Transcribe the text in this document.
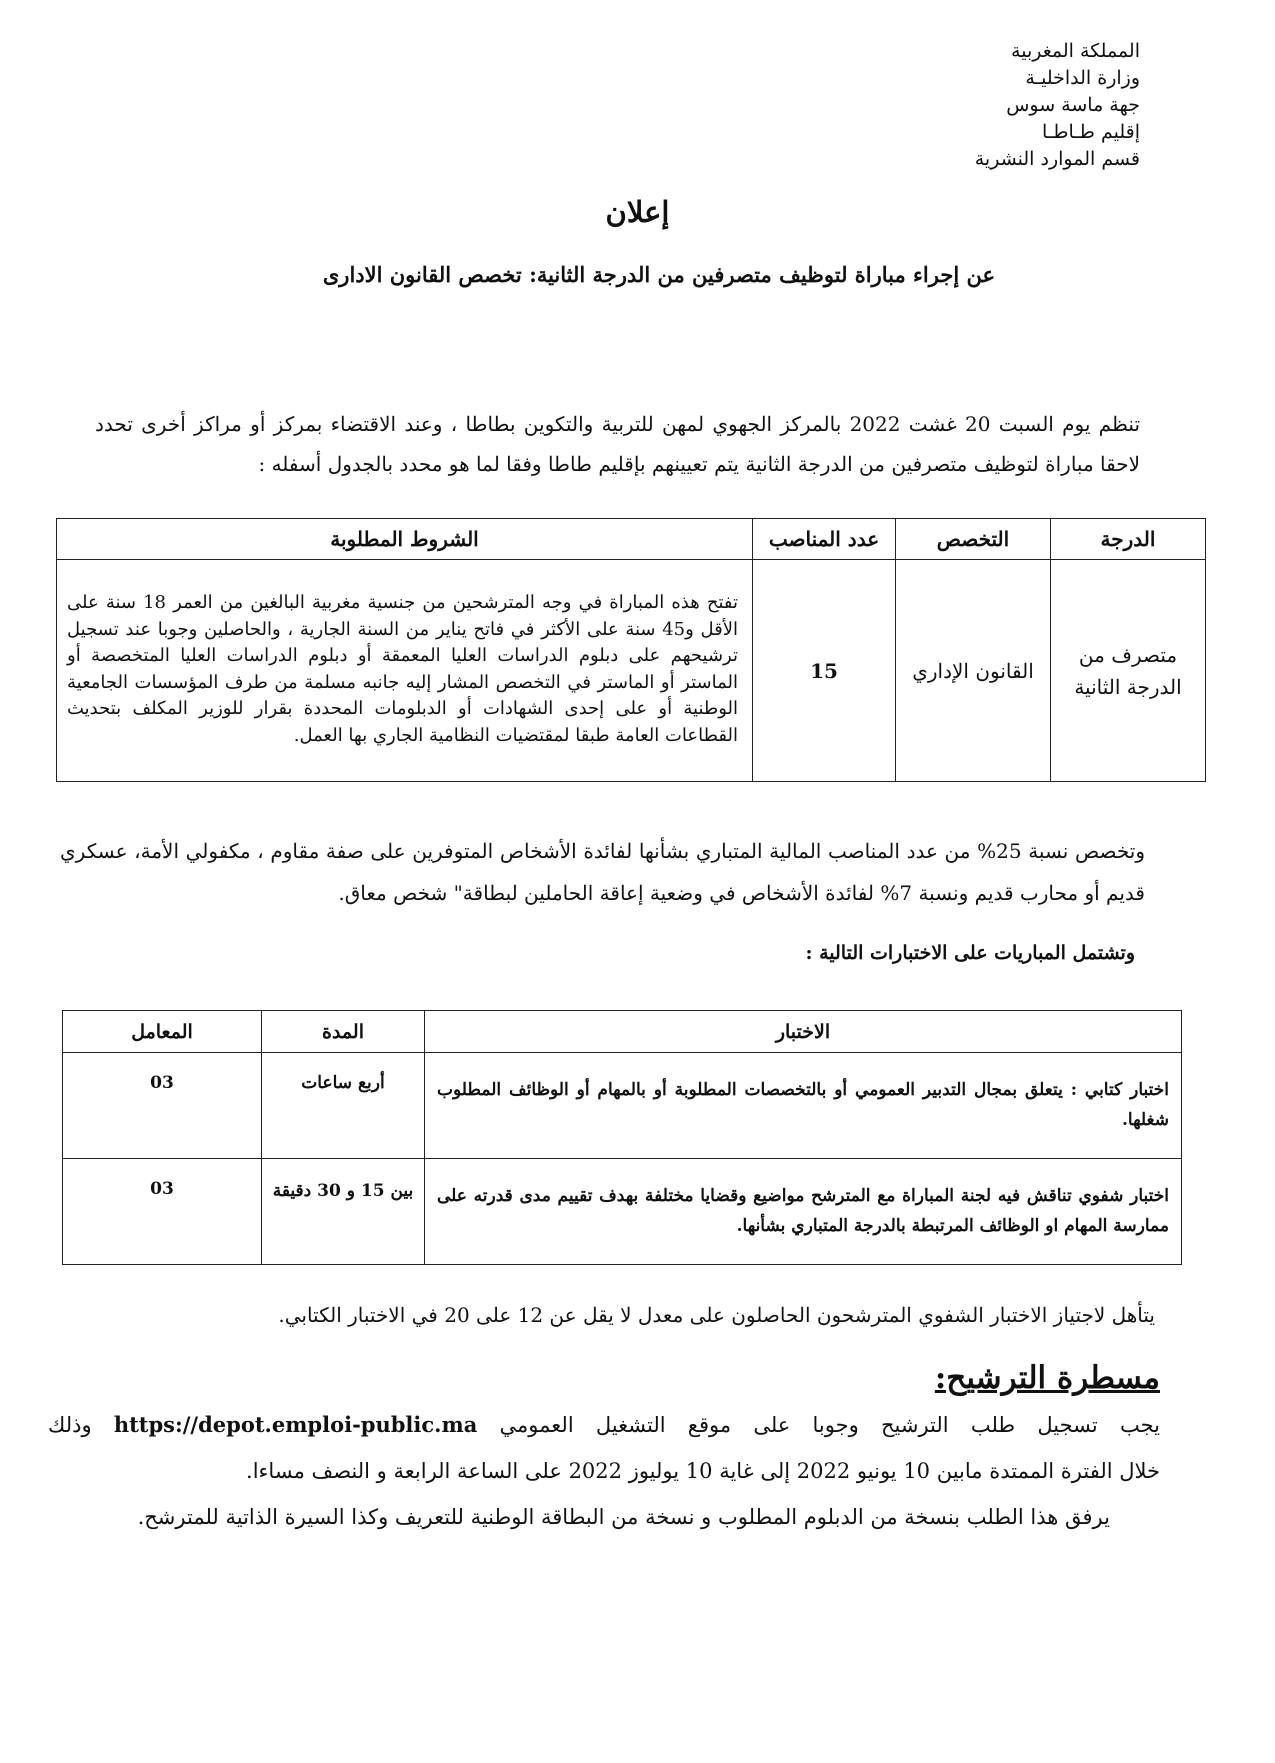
المملكة المغربية
وزارة الداخليـة
جهة ماسة سوس
إقليم طـاطـا
قسم الموارد النشرية
إعلان
عن إجراء مباراة لتوظيف متصرفين من الدرجة الثانية: تخصص القانون الادارى
تنظم يوم السبت 20 غشت 2022 بالمركز الجهوي لمهن للتربية والتكوين بطاطا ، وعند الاقتضاء بمركز أو مراكز أخرى تحدد لاحقا مباراة لتوظيف متصرفين من الدرجة الثانية يتم تعيينهم بإقليم طاطا وفقا لما هو محدد بالجدول أسفله :
الدرجة	التخصص	عدد المناصب	الشروط المطلوبة
متصرف من الدرجة الثانية	القانون الإداري	15	تفتح هذه المباراة في وجه المترشحين من جنسية مغربية البالغين من العمر 18 سنة على الأقل و45 سنة على الأكثر في فاتح يناير من السنة الجارية ، والحاصلين وجوبا عند تسجيل ترشيحهم على دبلوم الدراسات العليا المعمقة أو دبلوم الدراسات العليا المتخصصة أو الماستر أو الماستر في التخصص المشار إليه جانبه مسلمة من طرف المؤسسات الجامعية الوطنية أو على إحدى الشهادات أو الدبلومات المحددة بقرار للوزير المكلف بتحديث القطاعات العامة طبقا لمقتضيات النظامية الجاري بها العمل.
وتخصص نسبة 25% من عدد المناصب المالية المتباري بشأنها لفائدة الأشخاص المتوفرين على صفة مقاوم ، مكفولي الأمة، عسكري قديم أو محارب قديم ونسبة 7% لفائدة الأشخاص في وضعية إعاقة الحاملين لبطاقة" شخص معاق.
وتشتمل المباريات على الاختبارات التالية :
الاختبار	المدة	المعامل
اختبار كتابي : يتعلق بمجال التدبير العمومي أو بالتخصصات المطلوبة أو بالمهام أو الوظائف المطلوب شغلها.	أربع ساعات	03
اختبار شفوي تناقش فيه لجنة المباراة مع المترشح مواضيع وقضايا مختلفة بهدف تقييم مدى قدرته على ممارسة المهام او الوظائف المرتبطة بالدرجة المتباري بشأنها.	بين 15 و 30 دقيقة	03
يتأهل لاجتياز الاختبار الشفوي المترشحون الحاصلون على معدل لا يقل عن 12 على 20 في الاختبار الكتابي.
مسطرة الترشيح:
يجب تسجيل طلب الترشيح وجوبا على موقع التشغيل العمومي https://depot.emploi-public.ma وذلك
خلال الفترة الممتدة مابين 10 يونيو 2022 إلى غاية 10 يوليوز 2022 على الساعة الرابعة و النصف مساءا.
يرفق هذا الطلب بنسخة من الدبلوم المطلوب و نسخة من البطاقة الوطنية للتعريف وكذا السيرة الذاتية للمترشح.
